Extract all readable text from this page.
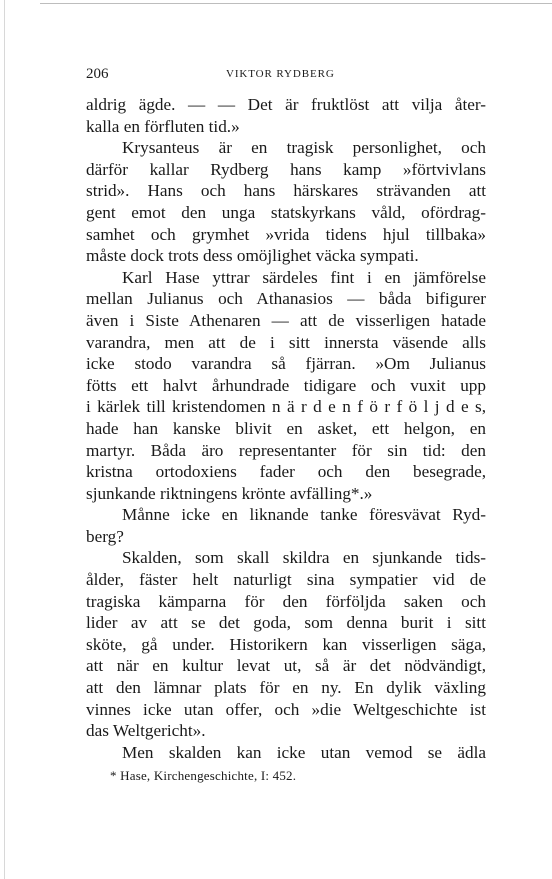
206	VIKTOR RYDBERG
aldrig ägde. — — Det är fruktlöst att vilja åter-
kalla en förfluten tid.»
Krysanteus är en tragisk personlighet, och
därför kallar Rydberg hans kamp »förtvivlans
strid». Hans och hans härskares strävanden att
gent emot den unga statskyrkans våld, ofördrag-
samhet och grymhet »vrida tidens hjul tillbaka»
måste dock trots dess omöjlighet väcka sympati.
Karl Hase yttrar särdeles fint i en jämförelse
mellan Julianus och Athanasios — båda bifigurer
även i Siste Athenaren — att de visserligen hatade
varandra, men att de i sitt innersta väsende alls
icke stodo varandra så fjärran. »Om Julianus
fötts ett halvt århundrade tidigare och vuxit upp
i kärlek till kristendomen n ä r d e n f ö r f ö l j d e s,
hade han kanske blivit en asket, ett helgon, en
martyr. Båda äro representanter för sin tid: den
kristna ortodoxiens fader och den besegrade,
sjunkande riktningens krönte avfälling*.»
Månne icke en liknande tanke föresvävat Ryd-
berg?
Skalden, som skall skildra en sjunkande tids-
ålder, fäster helt naturligt sina sympatier vid de
tragiska kämparna för den förföljda saken och
lider av att se det goda, som denna burit i sitt
sköte, gå under. Historikern kan visserligen säga,
att när en kultur levat ut, så är det nödvändigt,
att den lämnar plats för en ny. En dylik växling
vinnes icke utan offer, och »die Weltgeschichte ist
das Weltgericht».
Men skalden kan icke utan vemod se ädla
* Hase, Kirchengeschichte, I: 452.
